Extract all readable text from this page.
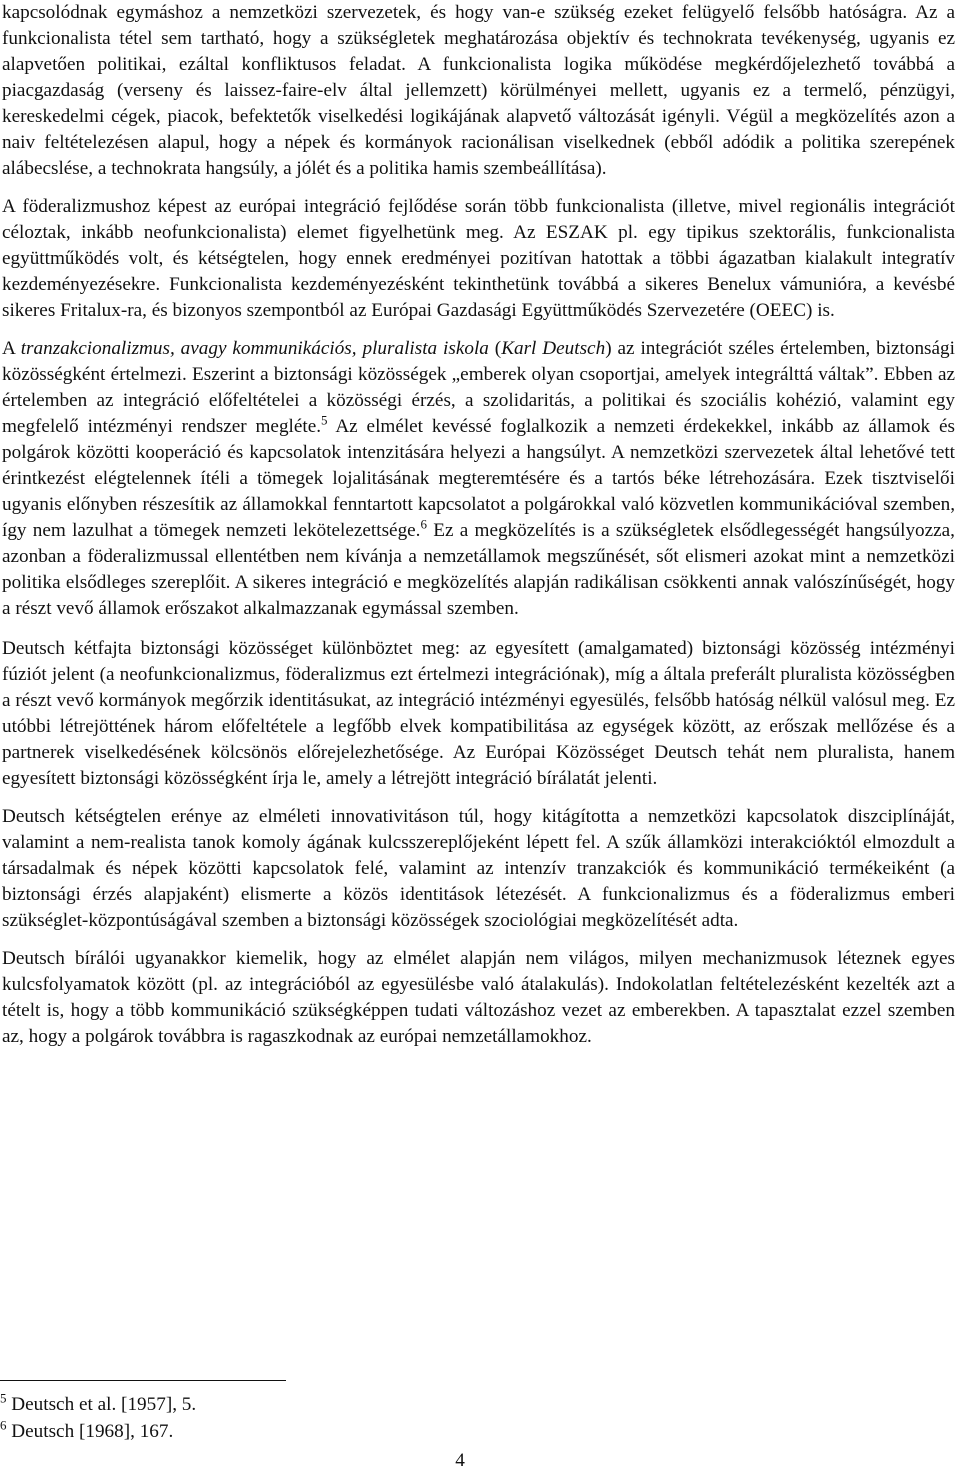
kapcsolódnak egymáshoz a nemzetközi szervezetek, és hogy van-e szükség ezeket felügyelő felsőbb hatóságra. Az a funkcionalista tétel sem tartható, hogy a szükségletek meghatározása objektív és technokrata tevékenység, ugyanis ez alapvetően politikai, ezáltal konfliktusos feladat. A funkcionalista logika működése megkérdőjelezhető továbbá a piacgazdaság (verseny és laissez-faire-elv által jellemzett) körülményei mellett, ugyanis ez a termelő, pénzügyi, kereskedelmi cégek, piacok, befektetők viselkedési logikájának alapvető változását igényli. Végül a megközelítés azon a naiv feltételezésen alapul, hogy a népek és kormányok racionálisan viselkednek (ebből adódik a politika szerepének alábecslése, a technokrata hangsúly, a jólét és a politika hamis szembeállítása).

A föderalizmushoz képest az európai integráció fejlődése során több funkcionalista (illetve, mivel regionális integrációt céloztak, inkább neofunkcionalista) elemet figyelhetünk meg. Az ESZAK pl. egy tipikus szektorális, funkcionalista együttműködés volt, és kétségtelen, hogy ennek eredményei pozitívan hatottak a többi ágazatban kialakult integratív kezdeményezésekre. Funkcionalista kezdeményezésként tekinthetünk továbbá a sikeres Benelux vámunióra, a kevésbé sikeres Fritalux-ra, és bizonyos szempontból az Európai Gazdasági Együttműködés Szervezetére (OEEC) is.

A tranzakcionalizmus, avagy kommunikációs, pluralista iskola (Karl Deutsch) az integrációt széles értelemben, biztonsági közösségként értelmezi. Eszerint a biztonsági közösségek „emberek olyan csoportjai, amelyek integrálttá váltak”. Ebben az értelemben az integráció előfeltételei a közösségi érzés, a szolidaritás, a politikai és szociális kohézió, valamint egy megfelelő intézményi rendszer megléte.$^5$ Az elmélet kevéssé foglalkozik a nemzeti érdekekkel, inkább az államok és polgárok közötti kooperáció és kapcsolatok intenzitására helyezi a hangsúlyt. A nemzetközi szervezetek által lehetővé tett érintkezést elégtelennek ítéli a tömegek lojalitásának megteremtésére és a tartós béke létrehozására. Ezek tisztviselői ugyanis előnyben részesítik az államokkal fenntartott kapcsolatot a polgárokkal való közvetlen kommunikációval szemben, így nem lazulhat a tömegek nemzeti lekötelezettsége.$^6$ Ez a megközelítés is a szükségletek elsődlegességét hangsúlyozza, azonban a föderalizmussal ellentétben nem kívánja a nemzetállamok megszűnését, sőt elismeri azokat mint a nemzetközi politika elsődleges szereplőit. A sikeres integráció e megközelítés alapján radikálisan csökkenti annak valószínűségét, hogy a részt vevő államok erőszakot alkalmazzanak egymással szemben.

Deutsch kétfajta biztonsági közösséget különböztet meg: az egyesített (amalgamated) biztonsági közösség intézményi fúziót jelent (a neofunkcionalizmus, föderalizmus ezt értelmezi integrációnak), míg a általa preferált pluralista közösségben a részt vevő kormányok megőrzik identitásukat, az integráció intézményi egyesülés, felsőbb hatóság nélkül valósul meg. Ez utóbbi létrejöttének három előfeltétele a legfőbb elvek kompatibilitása az egységek között, az erőszak mellőzése és a partnerek viselkedésének kölcsönös előrejelezhetősége. Az Európai Közösséget Deutsch tehát nem pluralista, hanem egyesített biztonsági közösségként írja le, amely a létrejött integráció bírálatát jelenti.

Deutsch kétségtelen erénye az elméleti innovativitáson túl, hogy kitágította a nemzetközi kapcsolatok diszciplínáját, valamint a nem-realista tanok komoly ágának kulcsszereplőjeként lépett fel. A szűk államközi interakcióktól elmozdult a társadalmak és népek közötti kapcsolatok felé, valamint az intenzív tranzakciók és kommunikáció termékeiként (a biztonsági érzés alapjaként) elismerte a közös identitások létezését. A funkcionalizmus és a föderalizmus emberi szükséglet-központúságával szemben a biztonsági közösségek szociológiai megközelítését adta.

Deutsch bírálói ugyanakkor kiemelik, hogy az elmélet alapján nem világos, milyen mechanizmusok léteznek egyes kulcsfolyamatok között (pl. az integrációból az egyesülésbe való átalakulás). Indokolatlan feltételezésként kezelték azt a tételt is, hogy a több kommunikáció szükségképpen tudati változáshoz vezet az emberekben. A tapasztalat ezzel szemben az, hogy a polgárok továbbra is ragaszkodnak az európai nemzetállamokhoz.

$^5$ Deutsch et al. [1957], 5.
$^6$ Deutsch [1968], 167.
4
